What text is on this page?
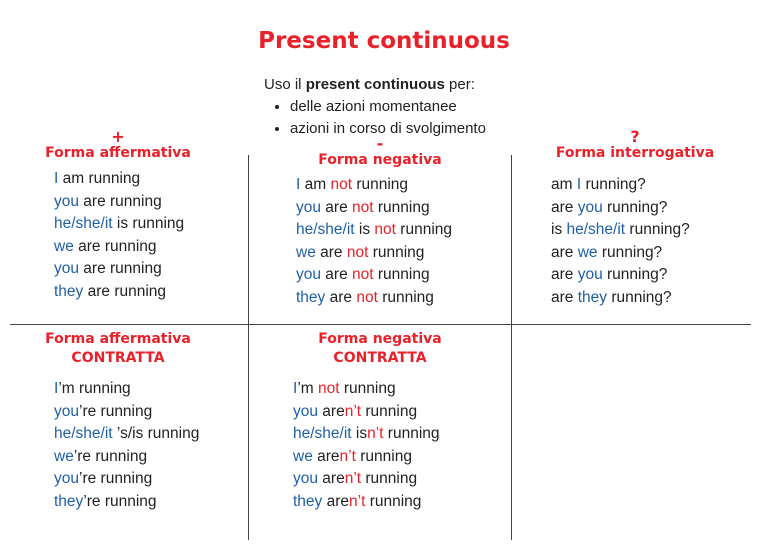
Present continuous
Uso il present continuous per:
• delle azioni momentanee
• azioni in corso di svolgimento
+
Forma affermativa	-
Forma negativa
?
Forma interrogativa
Forma affermativa
CONTRATTA
Forma negativa
CONTRATTA
I am running
you are running
he/she/it is running
we are running
you are running
they are running
I am not running
you are not running
he/she/it is not running
we are not running
you are not running
they are not running
am I running?
are you running?
is he/she/it running?
are we running?
are you running?
are they running?
I’m running
you’re running
he/she/it ’s/is running
we’re running
you’re running
they’re running
I’m not running
you aren’t running
he/she/it isn’t running
we aren’t running
you aren’t running
they aren’t running
